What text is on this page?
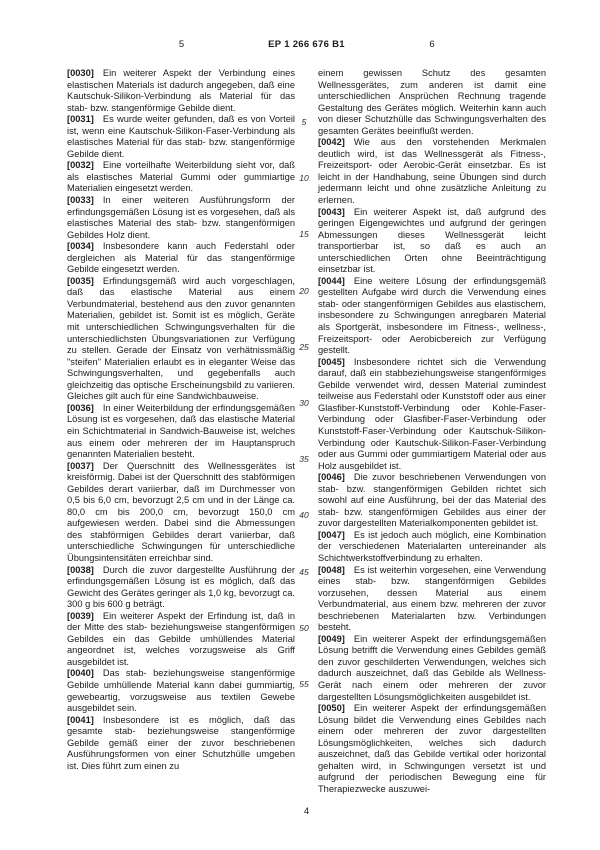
5	EP 1 266 676 B1	6

[0030] Ein weiterer Aspekt der Verbindung eines elastischen Materials ist dadurch angegeben, daß eine Kautschuk-Silikon-Verbindung als Material für das stab- bzw. stangenförmige Gebilde dient.

[0031] Es wurde weiter gefunden, daß es von Vorteil ist, wenn eine Kautschuk-Silikon-Faser-Verbindung als elastisches Material für das stab- bzw. stangenförmige Gebilde dient.

[0032] Eine vorteilhafte Weiterbildung sieht vor, daß als elastisches Material Gummi oder gummiartige Materialien eingesetzt werden.

[0033] In einer weiteren Ausführungsform der erfindungsgemäßen Lösung ist es vorgesehen, daß als elastisches Material des stab- bzw. stangenförmigen Gebildes Holz dient.

[0034] Insbesondere kann auch Federstahl oder dergleichen als Material für das stangenförmige Gebilde eingesetzt werden.

[0035] Erfindungsgemäß wird auch vorgeschlagen, daß das elastische Material aus einem Verbundmaterial, bestehend aus den zuvor genannten Materialien, gebildet ist. Somit ist es möglich, Geräte mit unterschiedlichen Schwingungsverhalten für die unterschiedlichsten Übungsvariationen zur Verfügung zu stellen. Gerade der Einsatz von verhätnissmäßig "steifen" Materialien erlaubt es in eleganter Weise das Schwingungsverhalten, und gegebenfalls auch gleichzeitig das optische Erscheinungsbild zu variieren. Gleiches gilt auch für eine Sandwichbauweise.

[0036] In einer Weiterbildung der erfindungsgemäßen Lösung ist es vorgesehen, daß das elastische Material ein Schichtmaterial in Sandwich-Bauweise ist, welches aus einem oder mehreren der im Hauptanspruch genannten Materialien besteht.

[0037] Der Querschnitt des Wellnessgerätes ist kreisförmig. Dabei ist der Querschnitt des stabförmigen Gebildes derart variierbar, daß im Durchmesser von 0,5 bis 6,0 cm, bevorzugt 2,5 cm und in der Länge ca. 80,0 cm bis 200,0 cm, bevorzugt 150,0 cm aufgewiesen werden. Dabei sind die Abmessungen des stabförmigen Gebildes derart variierbar, daß unterschiedliche Schwingungen für unterschiedliche Übungsintensitäten erreichbar sind.

[0038] Durch die zuvor dargestellte Ausführung der erfindungsgemäßen Lösung ist es möglich, daß das Gewicht des Gerätes geringer als 1,0 kg, bevorzugt ca. 300 g bis 600 g beträgt.

[0039] Ein weiterer Aspekt der Erfindung ist, daß in der Mitte des stab- beziehungsweise stangenförmigen Gebildes ein das Gebilde umhüllendes Material angeordnet ist, welches vorzugsweise als Griff ausgebildet ist.

[0040] Das stab- beziehungsweise stangenförmige Gebilde umhüllende Material kann dabei gummiartig, gewebeartig, vorzugsweise aus textilen Gewebe ausgebildet sein.

[0041] Insbesondere ist es möglich, daß das gesamte stab- beziehungsweise stangenförmige Gebilde gemäß einer der zuvor beschriebenen Ausführungsformen von einer Schutzhülle umgeben ist. Dies führt zum einen zu

einem gewissen Schutz des gesamten Wellnessgerätes, zum anderen ist damit eine unterschiedlichen Ansprüchen Rechnung tragende Gestaltung des Gerätes möglich. Weiterhin kann auch von dieser Schutzhülle das Schwingungsverhalten des gesamten Gerätes beeinflußt werden.

[0042] Wie aus den vorstehenden Merkmalen deutlich wird, ist das Wellnessgerät als Fitness-, Freizeitsport- oder Aerobic-Gerät einsetzbar. Es ist leicht in der Handhabung, seine Übungen sind durch jedermann leicht und ohne zusätzliche Anleitung zu erlernen.

[0043] Ein weiterer Aspekt ist, daß aufgrund des geringen Eigengewichtes und aufgrund der geringen Abmessungen dieses Wellnessgerät leicht transportierbar ist, so daß es auch an unterschiedlichen Orten ohne Beeinträchtigung einsetzbar ist.

[0044] Eine weitere Lösung der erfindungsgemäß gestellten Aufgabe wird durch die Verwendung eines stab- oder stangenförmigen Gebildes aus elastischem, insbesondere zu Schwingungen anregbaren Material als Sportgerät, insbesondere im Fitness-, wellness-, Freizeitsport- oder Aerobicbereich zur Verfügung gestellt.

[0045] Insbesondere richtet sich die Verwendung darauf, daß ein stabbeziehungsweise stangenförmiges Gebilde verwendet wird, dessen Material zumindest teilweise aus Federstahl oder Kunststoff oder aus einer Glasfiber-Kunststoff-Verbindung oder Kohle-Faser-Verbindung oder Glasfiber-Faser-Verbindung oder Kunststoff-Faser-Verbindung oder Kautschuk-Silikon-Verbindung oder Kautschuk-Silikon-Faser-Verbindung oder aus Gummi oder gummiartigem Material oder aus Holz ausgebildet ist.

[0046] Die zuvor beschriebenen Verwendungen von stab- bzw. stangenförmigen Gebilden richtet sich sowohl auf eine Ausführung, bei der das Material des stab- bzw. stangenförmigen Gebildes aus einer der zuvor dargestellten Materialkomponenten gebildet ist.

[0047] Es ist jedoch auch möglich, eine Kombination der verschiedenen Materialarten untereinander als Schichtwerkstoffverbindung zu erhalten.

[0048] Es ist weiterhin vorgesehen, eine Verwendung eines stab- bzw. stangenförmigen Gebildes vorzusehen, dessen Material aus einem Verbundmaterial, aus einem bzw. mehreren der zuvor beschriebenen Materialarten bzw. Verbindungen besteht.

[0049] Ein weiterer Aspekt der erfindungsgemäßen Lösung betrifft die Verwendung eines Gebildes gemäß den zuvor geschilderten Verwendungen, welches sich dadurch auszeichnet, daß das Gebilde als Wellness-Gerät nach einem oder mehreren der zuvor dargestellten Lösungsmöglichkeiten ausgebildet ist.

[0050] Ein weiterer Aspekt der erfindungsgemäßen Lösung bildet die Verwendung eines Gebildes nach einem oder mehreren der zuvor dargestellten Lösungsmöglichkeiten, welches sich dadurch auszeichnet, daß das Gebilde vertikal oder horizontal gehalten wird, in Schwingungen versetzt ist und aufgrund der periodischen Bewegung eine für Therapiezwecke auszuwei-

5
10
15
20
25
30
35
40
45
50
55
4
